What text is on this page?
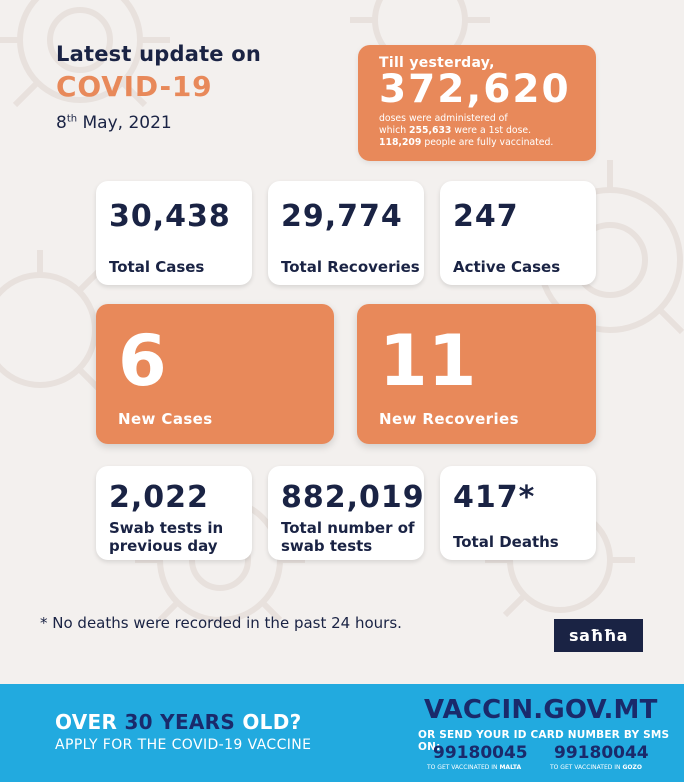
Latest update on
COVID-19
8th May, 2021
Till yesterday,
372,620
doses were administered of
which 255,633 were a 1st dose.
118,209 people are fully vaccinated.
30,438
Total Cases
29,774
Total Recoveries
247
Active Cases
6
New Cases
11
New Recoveries
2,022
Swab tests in
previous day
882,019
Total number of
swab tests
417*
Total Deaths
* No deaths were recorded in the past 24 hours.
saħħa
OVER 30 YEARS OLD?
APPLY FOR THE COVID-19 VACCINE
VACCIN.GOV.MT
OR SEND YOUR ID CARD NUMBER BY SMS ON:
99180045 99180044
TO GET VACCINATED IN MALTA	TO GET VACCINATED IN GOZO
